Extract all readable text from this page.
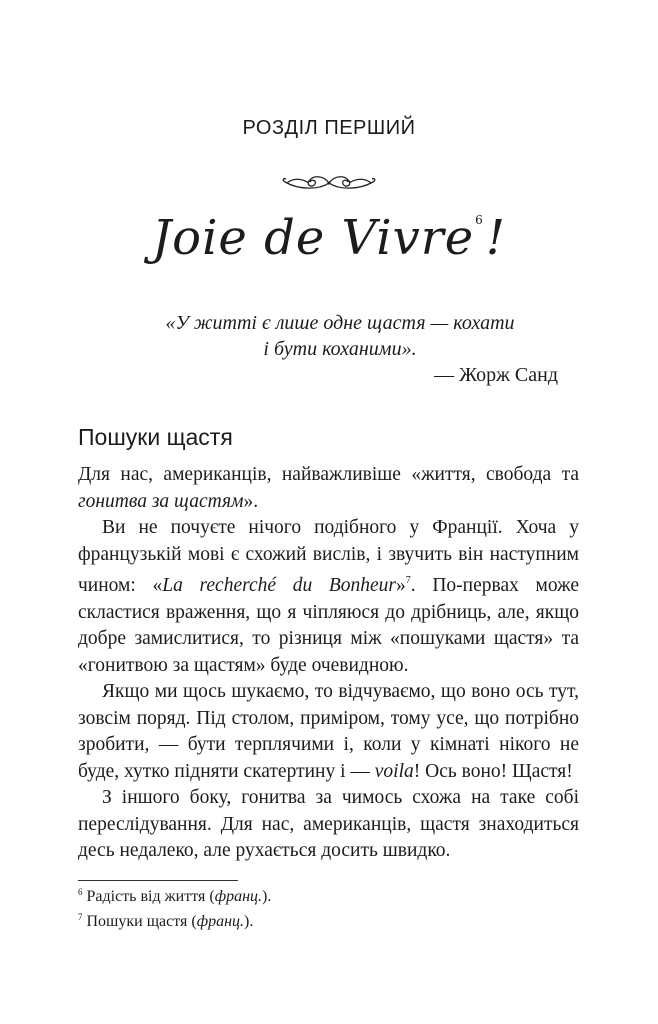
РОЗДІЛ ПЕРШИЙ
Joie de Vivre$^6$!
«У житті є лише одне щастя — кохати
і бути коханими».
— Жорж Санд
Пошуки щастя

Для нас, американців, найважливіше «життя, свобода та гонитва за щастям».

Ви не почуєте нічого подібного у Франції. Хоча у французькій мові є схожий вислів, і звучить він наступним чином: «La recherché du Bonheur»$^7$. По-первах може скластися враження, що я чіпляюся до дрібниць, але, якщо добре замислитися, то різниця між «пошуками щастя» та «гонитвою за щастям» буде очевидною.

Якщо ми щось шукаємо, то відчуваємо, що воно ось тут, зовсім поряд. Під столом, приміром, тому усе, що потрібно зробити, — бути терплячими і, коли у кімнаті нікого не буде, хутко підняти скатертину і — voila! Ось воно! Щастя!

З іншого боку, гонитва за чимось схожа на таке собі переслідування. Для нас, американців, щастя знаходиться десь недалеко, але рухається досить швидко.

$^6$ Радість від життя (франц.).
$^7$ Пошуки щастя (франц.).
